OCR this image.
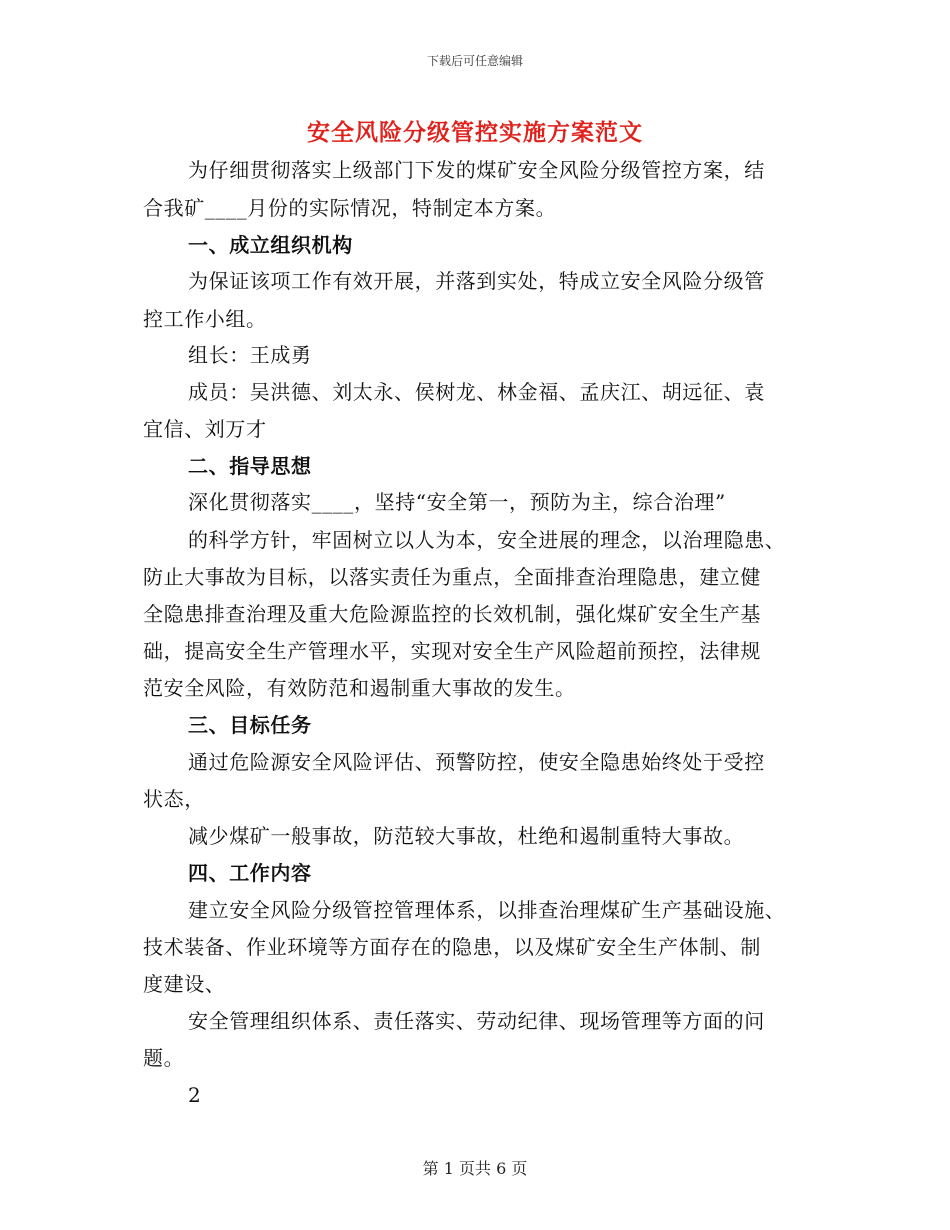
下载后可任意编辑
安全风险分级管控实施方案范文
为仔细贯彻落实上级部门下发的煤矿安全风险分级管控方案，结
合我矿____月份的实际情况，特制定本方案。
一、成立组织机构
为保证该项工作有效开展，并落到实处，特成立安全风险分级管
控工作小组。
组长：王成勇
成员：吴洪德、刘太永、侯树龙、林金福、孟庆江、胡远征、袁
宜信、刘万才
二、指导思想
深化贯彻落实____，坚持“安全第一，预防为主，综合治理”
的科学方针，牢固树立以人为本，安全进展的理念，以治理隐患、
防止大事故为目标，以落实责任为重点，全面排查治理隐患，建立健
全隐患排查治理及重大危险源监控的长效机制，强化煤矿安全生产基
础，提高安全生产管理水平，实现对安全生产风险超前预控，法律规
范安全风险，有效防范和遏制重大事故的发生。
三、目标任务
通过危险源安全风险评估、预警防控，使安全隐患始终处于受控
状态，
减少煤矿一般事故，防范较大事故，杜绝和遏制重特大事故。
四、工作内容
建立安全风险分级管控管理体系，以排查治理煤矿生产基础设施、
技术装备、作业环境等方面存在的隐患，以及煤矿安全生产体制、制
度建设、
安全管理组织体系、责任落实、劳动纪律、现场管理等方面的问
题。
2
第 1 页共 6 页
